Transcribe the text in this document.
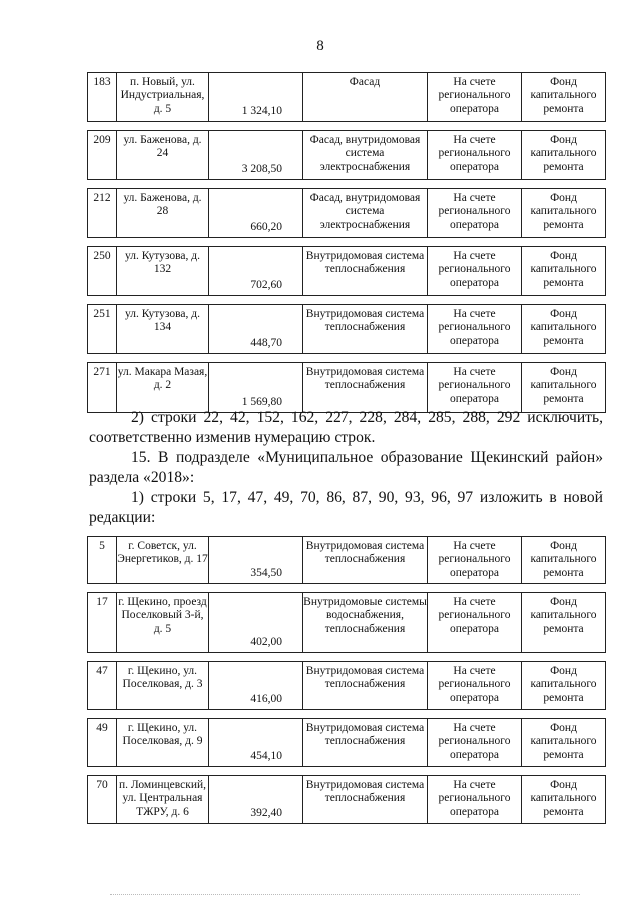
8
183	п. Новый, ул. Индустриальная, д. 5	1 324,10	Фасад	На счете регионального оператора	Фонд капитального ремонта

209	ул. Баженова, д. 24	3 208,50	Фасад, внутридомовая система электроснабжения	На счете регионального оператора	Фонд капитального ремонта

212	ул. Баженова, д. 28	660,20	Фасад, внутридомовая система электроснабжения	На счете регионального оператора	Фонд капитального ремонта

250	ул. Кутузова, д. 132	702,60	Внутридомовая система теплоснабжения	На счете регионального оператора	Фонд капитального ремонта

251	ул. Кутузова, д. 134	448,70	Внутридомовая система теплоснабжения	На счете регионального оператора	Фонд капитального ремонта

271	ул. Макара Мазая, д. 2	1 569,80	Внутридомовая система теплоснабжения	На счете регионального оператора	Фонд капитального ремонта
2) строки 22, 42, 152, 162, 227, 228, 284, 285, 288, 292 исключить, соответственно изменив нумерацию строк.
15. В подразделе «Муниципальное образование Щекинский район» раздела «2018»:
1) строки 5, 17, 47, 49, 70, 86, 87, 90, 93, 96, 97 изложить в новой редакции:
5	г. Советск, ул. Энергетиков, д. 17	354,50	Внутридомовая система теплоснабжения	На счете регионального оператора	Фонд капитального ремонта

17	г. Щекино, проезд Поселковый 3-й, д. 5	402,00	Внутридомовые системы водоснабжения, теплоснабжения	На счете регионального оператора	Фонд капитального ремонта

47	г. Щекино, ул. Поселковая, д. 3	416,00	Внутридомовая система теплоснабжения	На счете регионального оператора	Фонд капитального ремонта

49	г. Щекино, ул. Поселковая, д. 9	454,10	Внутридомовая система теплоснабжения	На счете регионального оператора	Фонд капитального ремонта

70	п. Ломинцевский, ул. Центральная ТЖРУ, д. 6	392,40	Внутридомовая система теплоснабжения	На счете регионального оператора	Фонд капитального ремонта
